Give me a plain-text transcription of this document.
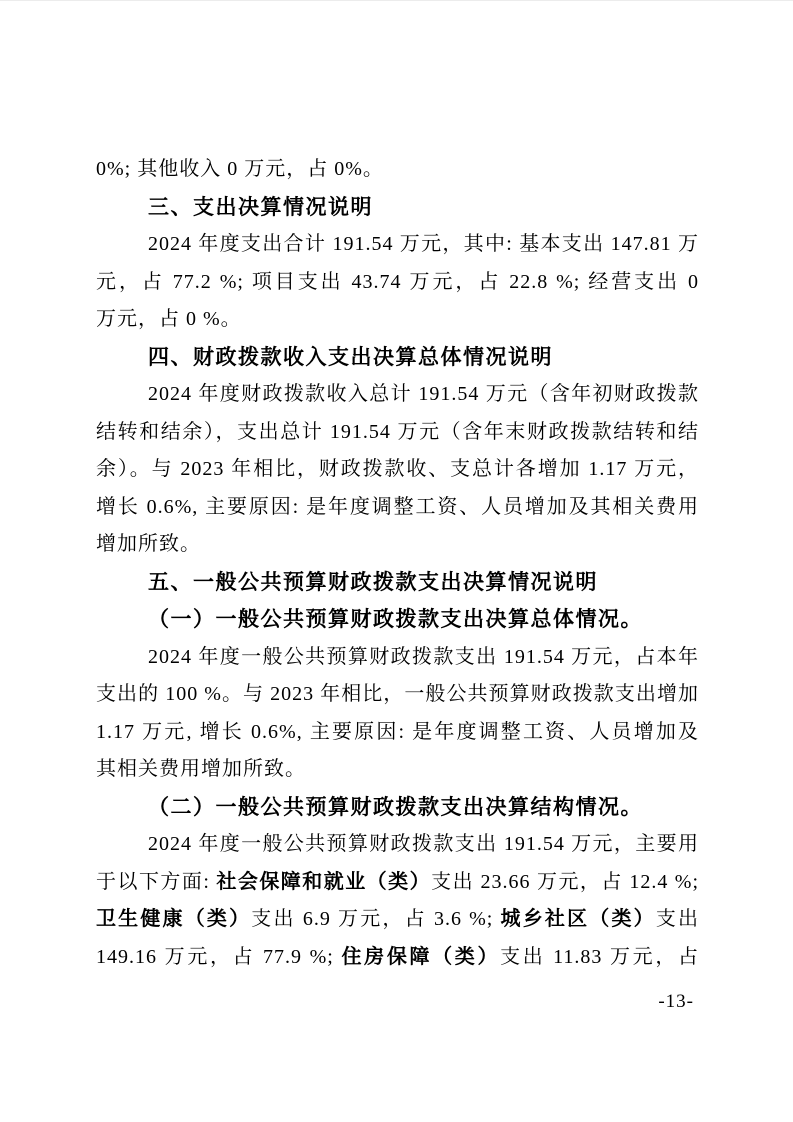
0%; 其他收入 0 万元，占 0%。
三、支出决算情况说明
2024 年度支出合计 191.54 万元，其中: 基本支出 147.81 万
元，占 77.2 %; 项目支出 43.74 万元，占 22.8 %; 经营支出 0
万元，占 0 %。
四、财政拨款收入支出决算总体情况说明
2024 年度财政拨款收入总计 191.54 万元（含年初财政拨款
结转和结余），支出总计 191.54 万元（含年末财政拨款结转和结
余）。与 2023 年相比，财政拨款收、支总计各增加 1.17 万元，
增长 0.6%, 主要原因: 是年度调整工资、人员增加及其相关费用
增加所致。
五、一般公共预算财政拨款支出决算情况说明
（一）一般公共预算财政拨款支出决算总体情况。
2024 年度一般公共预算财政拨款支出 191.54 万元，占本年
支出的 100 %。与 2023 年相比，一般公共预算财政拨款支出增加
1.17 万元, 增长 0.6%, 主要原因: 是年度调整工资、人员增加及
其相关费用增加所致。
（二）一般公共预算财政拨款支出决算结构情况。
2024 年度一般公共预算财政拨款支出 191.54 万元，主要用
于以下方面: 社会保障和就业（类）支出 23.66 万元，占 12.4 %;
卫生健康（类）支出 6.9 万元，占 3.6 %; 城乡社区（类）支出
149.16 万元，占 77.9 %; 住房保障（类）支出 11.83 万元，占
-13-
